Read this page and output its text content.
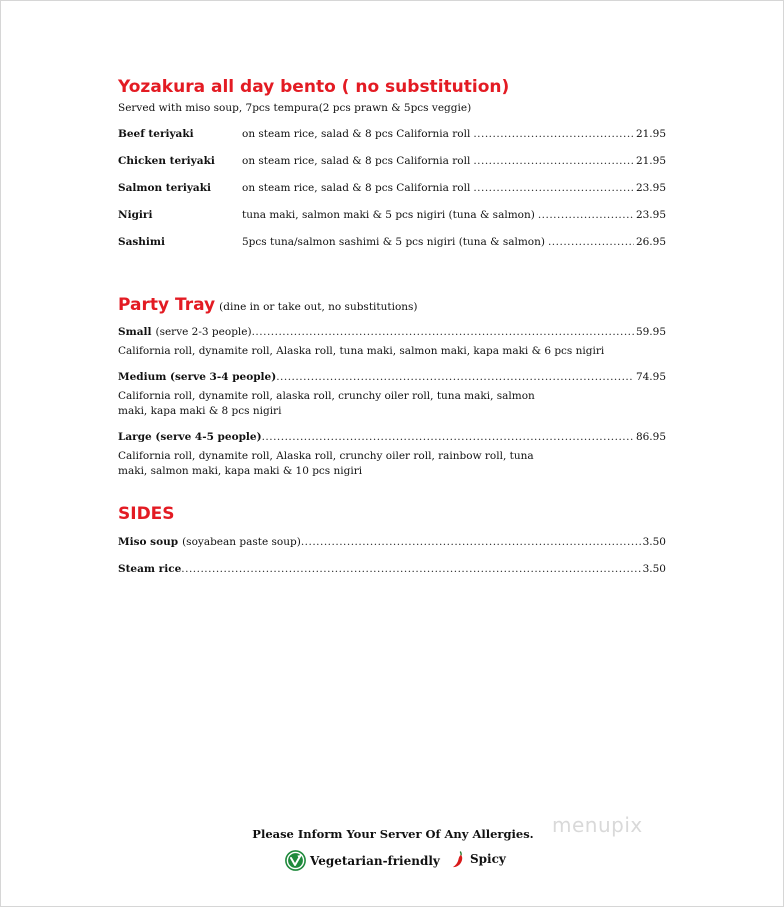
Yozakura all day bento ( no substitution)
Served with miso soup, 7pcs tempura(2 pcs prawn & 5pcs veggie)
Beef teriyaki	on steam rice, salad & 8 pcs California roll .....	21.95
Chicken teriyaki	on steam rice, salad & 8 pcs California roll .....	21.95
Salmon teriyaki	on steam rice, salad & 8 pcs California roll .....	23.95
Nigiri	tuna maki, salmon maki & 5 pcs nigiri (tuna & salmon) .....	23.95
Sashimi	5pcs tuna/salmon sashimi & 5 pcs nigiri (tuna & salmon) .....	26.95
Party Tray (dine in or take out, no substitutions)
Small (serve 2-3 people) .....	59.95
California roll, dynamite roll, Alaska roll, tuna maki, salmon maki, kapa maki & 6 pcs nigiri
Medium (serve 3-4 people) .....	74.95
California roll, dynamite roll, alaska roll, crunchy oiler roll, tuna maki, salmon maki, kapa maki & 8 pcs nigiri
Large (serve 4-5 people) .....	86.95
California roll, dynamite roll, Alaska roll, crunchy oiler roll, rainbow roll, tuna maki, salmon maki, kapa maki & 10 pcs nigiri
SIDES
Miso soup (soyabean paste soup) .....	3.50
Steam rice .....	3.50
Please Inform Your Server Of Any Allergies.
Vegetarian-friendly	Spicy
menupix
